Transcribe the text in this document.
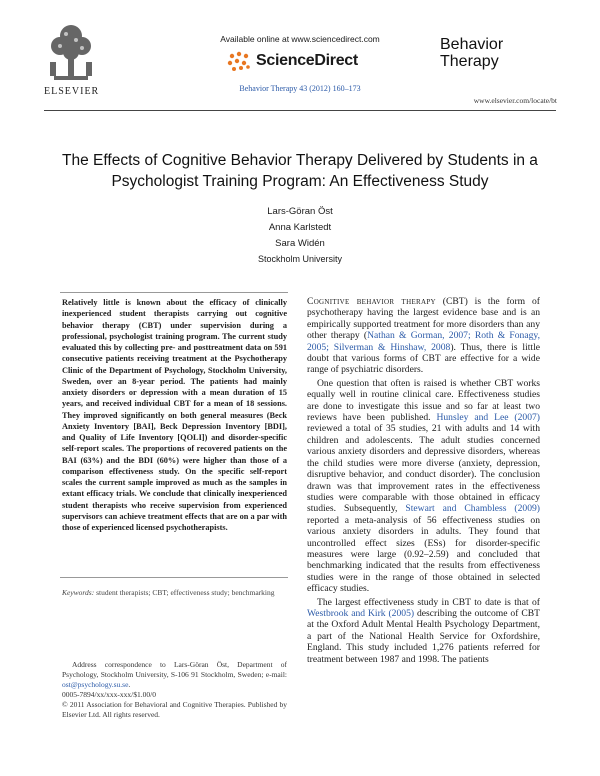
ELSEVIER
Available online at www.sciencedirect.com
ScienceDirect
Behavior Therapy 43 (2012) 160–173
Behavior
Therapy
www.elsevier.com/locate/bt
The Effects of Cognitive Behavior Therapy Delivered by Students in a Psychologist Training Program: An Effectiveness Study
Lars-Göran Öst
Anna Karlstedt
Sara Widén
Stockholm University
Relatively little is known about the efficacy of clinically inexperienced student therapists carrying out cognitive behavior therapy (CBT) under supervision during a professional, psychologist training program. The current study evaluated this by collecting pre- and posttreatment data on 591 consecutive patients receiving treatment at the Psychotherapy Clinic of the Department of Psychology, Stockholm University, Sweden, over an 8-year period. The patients had mainly anxiety disorders or depression with a mean duration of 15 years, and received individual CBT for a mean of 18 sessions. They improved significantly on both general measures (Beck Anxiety Inventory [BAI], Beck Depression Inventory [BDI], and Quality of Life Inventory [QOLI]) and disorder-specific self-report scales. The proportions of recovered patients on the BAI (63%) and the BDI (60%) were higher than those of a comparison effectiveness study. On the specific self-report scales the current sample improved as much as the samples in extant efficacy trials. We conclude that clinically inexperienced student therapists who receive supervision from experienced supervisors can achieve treatment effects that are on a par with those of experienced licensed psychotherapists.
Keywords: student therapists; CBT; effectiveness study; benchmarking
Address correspondence to Lars-Göran Öst, Department of Psychology, Stockholm University, S-106 91 Stockholm, Sweden; e-mail: ost@psychology.su.se.
0005-7894/xx/xxx-xxx/$1.00/0
© 2011 Association for Behavioral and Cognitive Therapies. Published by Elsevier Ltd. All rights reserved.

Cognitive behavior therapy (CBT) is the form of psychotherapy having the largest evidence base and is an empirically supported treatment for more disorders than any other therapy (Nathan & Gorman, 2007; Roth & Fonagy, 2005; Silverman & Hinshaw, 2008). Thus, there is little doubt that various forms of CBT are effective for a wide range of psychiatric disorders.

One question that often is raised is whether CBT works equally well in routine clinical care. Effectiveness studies are done to investigate this issue and so far at least two reviews have been published. Hunsley and Lee (2007) reviewed a total of 35 studies, 21 with adults and 14 with children and adolescents. The adult studies concerned various anxiety disorders and depressive disorders, whereas the child studies were more diverse (anxiety, depression, disruptive behavior, and conduct disorder). The conclusion drawn was that improvement rates in the effectiveness studies were comparable with those obtained in efficacy studies. Subsequently, Stewart and Chambless (2009) reported a meta-analysis of 56 effectiveness studies on various anxiety disorders in adults. They found that uncontrolled effect sizes (ESs) for disorder-specific measures were large (0.92–2.59) and concluded that benchmarking indicated that the results from effectiveness studies were in the range of those obtained in selected efficacy studies.

The largest effectiveness study in CBT to date is that of Westbrook and Kirk (2005) describing the outcome of CBT at the Oxford Adult Mental Health Psychology Department, a part of the National Health Service for Oxfordshire, England. This study included 1,276 patients referred for treatment between 1987 and 1998. The patients
